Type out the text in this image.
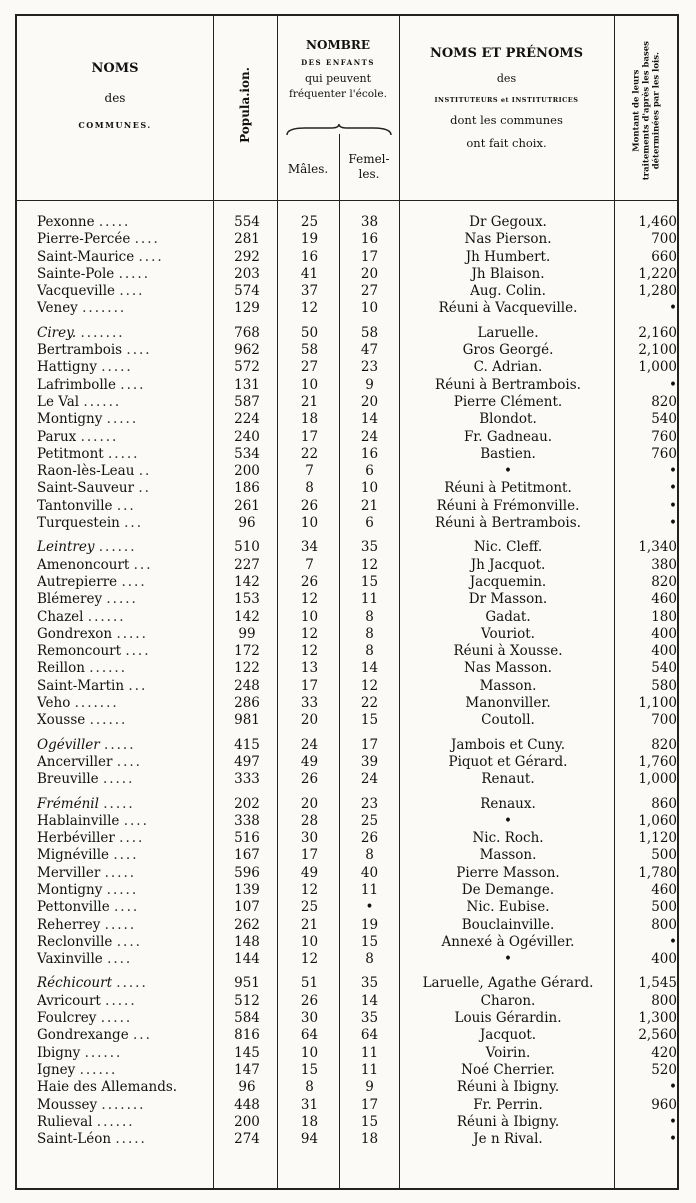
NOMS
des
COMMUNES.	Popula.ion.
NOMBRE
DES ENFANTS
qui peuvent
fréquenter l'école.
Mâles.
Femel-les.
NOMS ET PRÉNOMS
des
INSTITUTEURS et INSTITUTRICES
dont les communes
ont fait choix.	Montant de leurs traitements d'après les bases déterminées par les lois.
Pexonne .....	554	25	38	Dr Gegoux.	1,460
Pierre-Percée ....	281	19	16	Nas Pierson.	700
Saint-Maurice ....	292	16	17	Jh Humbert.	660
Sainte-Pole .....	203	41	20	Jh Blaison.	1,220
Vacqueville ....	574	37	27	Aug. Colin.	1,280
Veney .......	129	12	10	Réuni à Vacqueville.	•
Cirey. .......	768	50	58	Laruelle.	2,160
Bertrambois ....	962	58	47	Gros Georgé.	2,100
Hattigny .....	572	27	23	C. Adrian.	1,000
Lafrimbolle ....	131	10	9	Réuni à Bertrambois.	•
Le Val ......	587	21	20	Pierre Clément.	820
Montigny .....	224	18	14	Blondot.	540
Parux ......	240	17	24	Fr. Gadneau.	760
Petitmont .....	534	22	16	Bastien.	760
Raon-lès-Leau ..	200	7	6	•	•
Saint-Sauveur ..	186	8	10	Réuni à Petitmont.	•
Tantonville ...	261	26	21	Réuni à Frémonville.	•
Turquestein ...	96	10	6	Réuni à Bertrambois.	•
Leintrey ......	510	34	35	Nic. Cleff.	1,340
Amenoncourt ...	227	7	12	Jh Jacquot.	380
Autrepierre ....	142	26	15	Jacquemin.	820
Blémerey .....	153	12	11	Dr Masson.	460
Chazel ......	142	10	8	Gadat.	180
Gondrexon .....	99	12	8	Vouriot.	400
Remoncourt ....	172	12	8	Réuni à Xousse.	400
Reillon ......	122	13	14	Nas Masson.	540
Saint-Martin ...	248	17	12	Masson.	580
Veho .......	286	33	22	Manonviller.	1,100
Xousse ......	981	20	15	Coutoll.	700
Ogéviller .....	415	24	17	Jambois et Cuny.	820
Ancerviller ....	497	49	39	Piquot et Gérard.	1,760
Breuville .....	333	26	24	Renaut.	1,000
Fréménil .....	202	20	23	Renaux.	860
Hablainville ....	338	28	25	•	1,060
Herbéviller ....	516	30	26	Nic. Roch.	1,120
Mignéville ....	167	17	8	Masson.	500
Merviller .....	596	49	40	Pierre Masson.	1,780
Montigny .....	139	12	11	De Demange.	460
Pettonville ....	107	25	•	Nic. Eubise.	500
Reherrey .....	262	21	19	Bouclainville.	800
Reclonville ....	148	10	15	Annexé à Ogéviller.	•
Vaxinville ....	144	12	8	•	400
Réchicourt .....	951	51	35	Laruelle, Agathe Gérard.	1,545
Avricourt .....	512	26	14	Charon.	800
Foulcrey .....	584	30	35	Louis Gérardin.	1,300
Gondrexange ...	816	64	64	Jacquot.	2,560
Ibigny ......	145	10	11	Voirin.	420
Igney ......	147	15	11	Noé Cherrier.	520
Haie des Allemands.	96	8	9	Réuni à Ibigny.	•
Moussey .......	448	31	17	Fr. Perrin.	960
Rulieval ......	200	18	15	Réuni à Ibigny.	•
Saint-Léon .....	274	94	18	Je n Rival.	•
